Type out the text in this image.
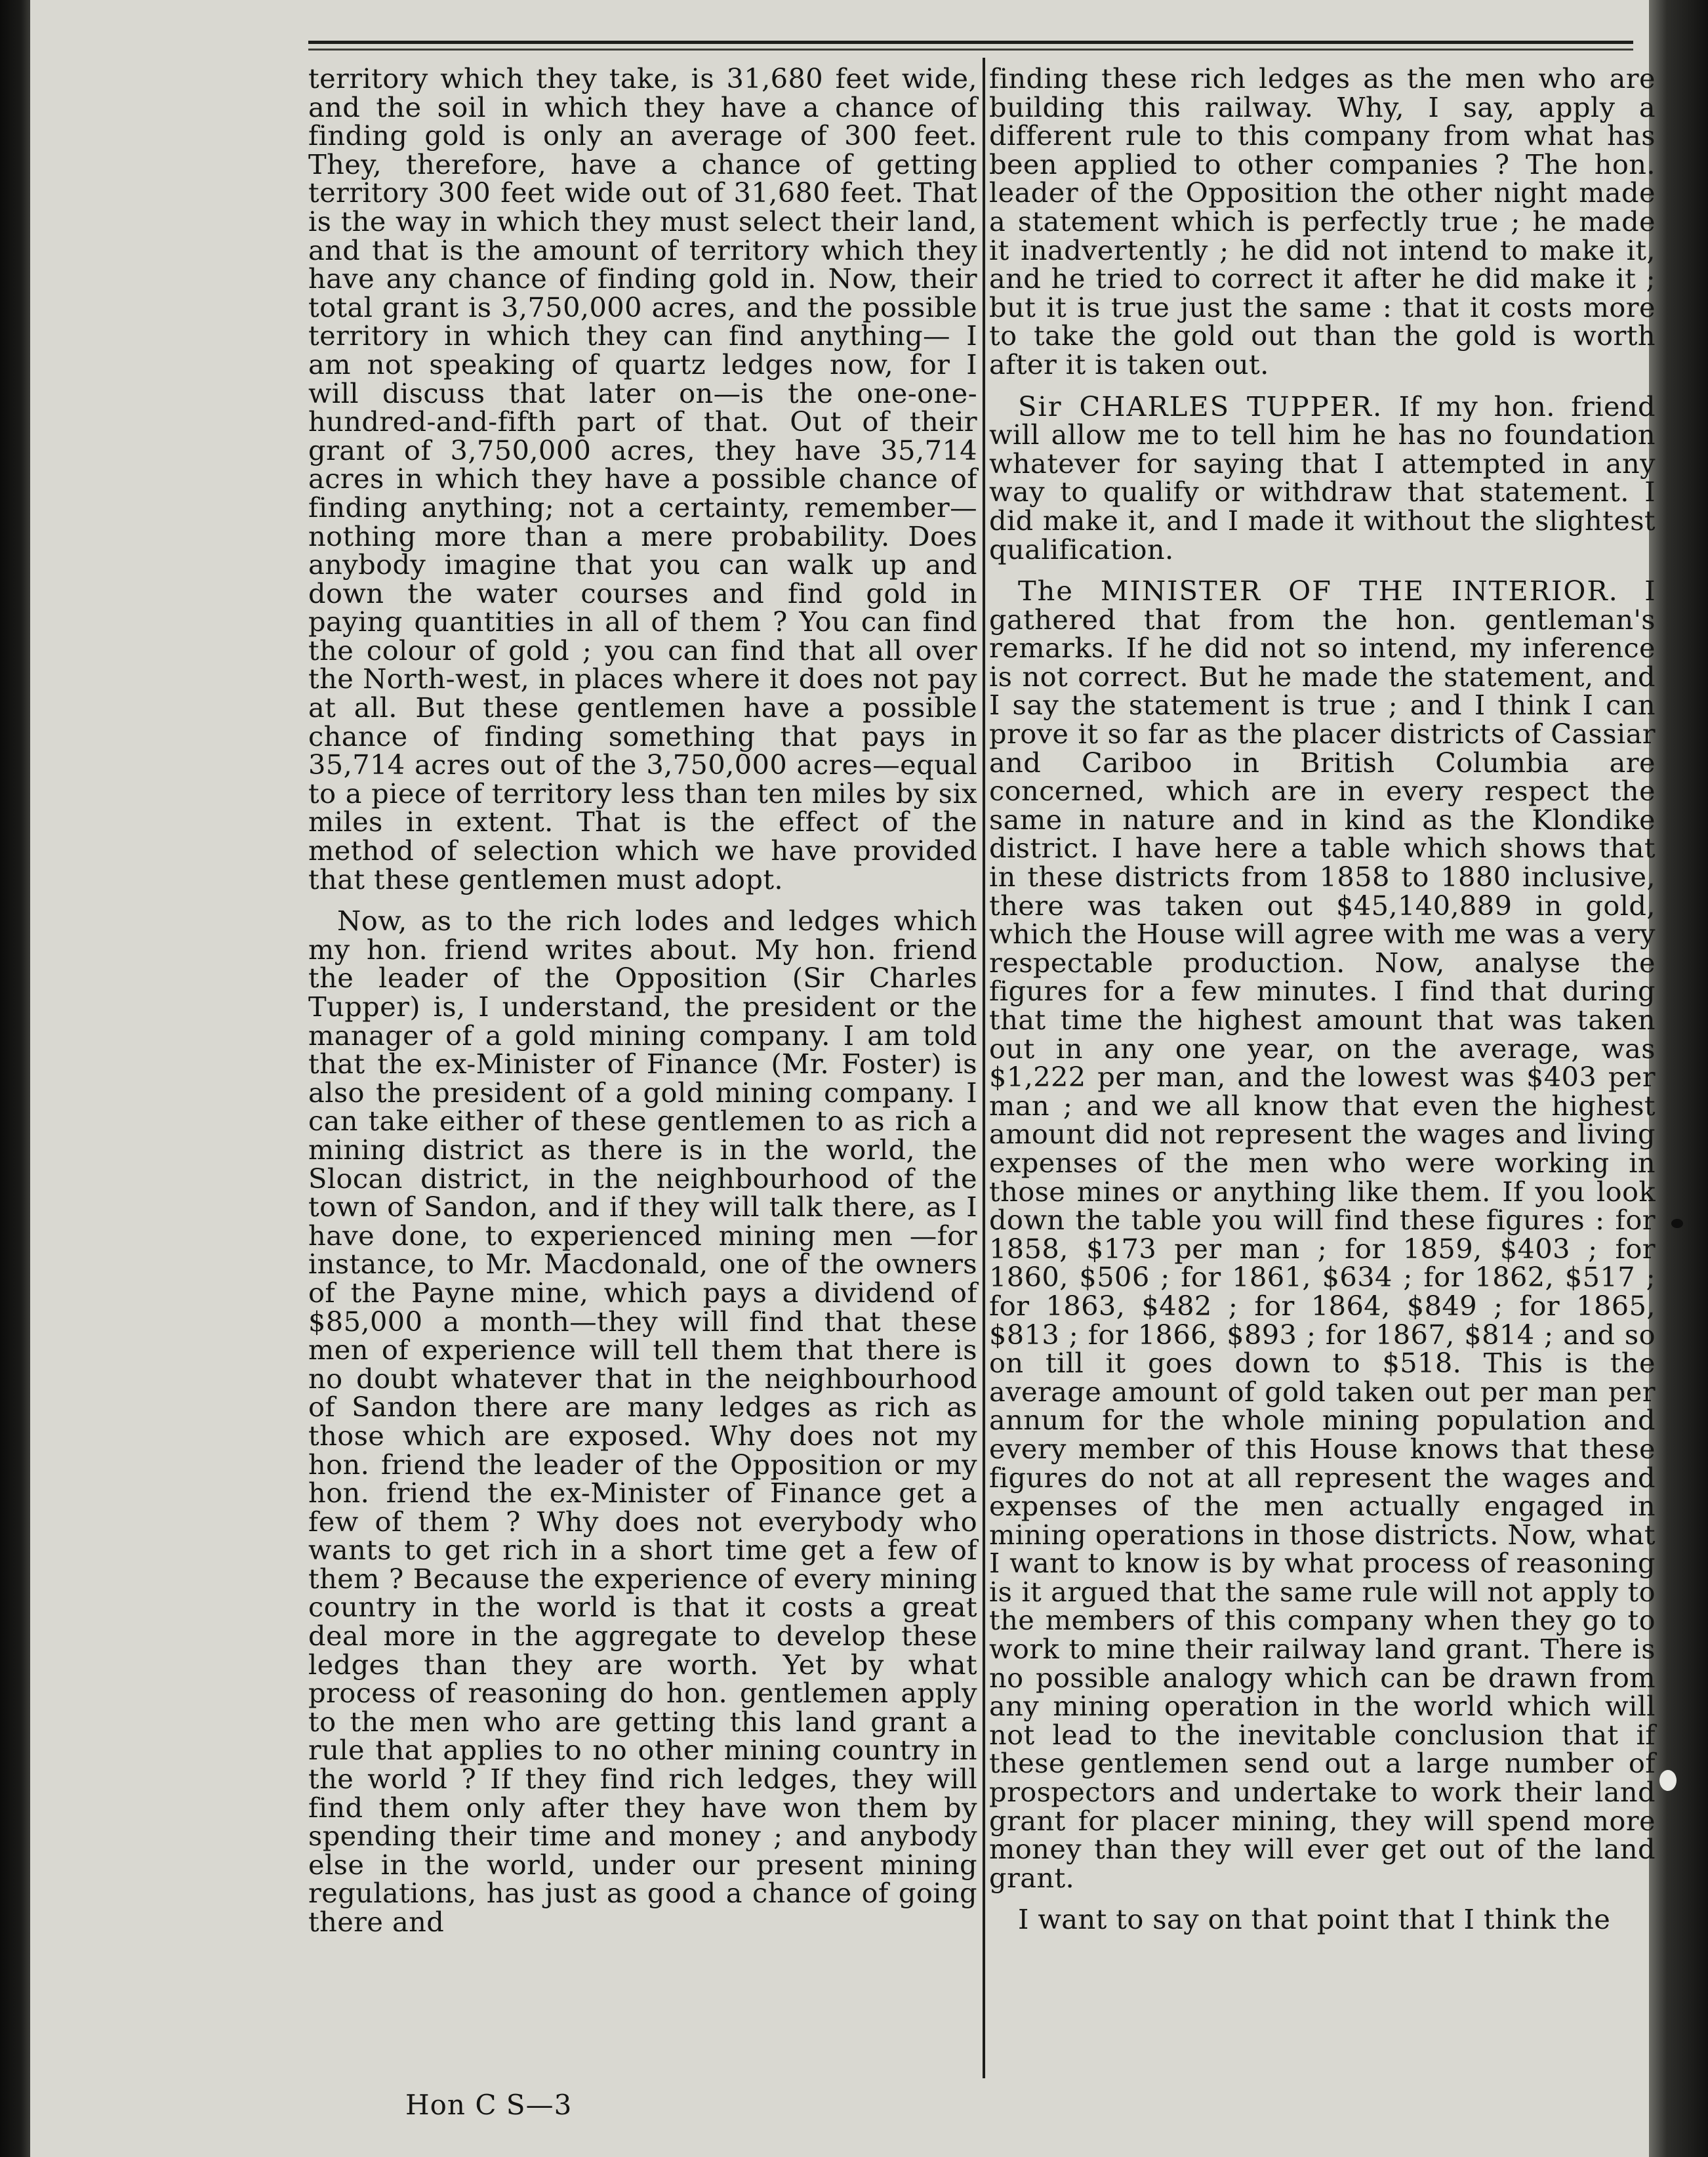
territory which they take, is 31,680 feet wide, and the soil in which they have a chance of finding gold is only an average of 300 feet. They, therefore, have a chance of getting territory 300 feet wide out of 31,680 feet. That is the way in which they must select their land, and that is the amount of territory which they have any chance of finding gold in. Now, their total grant is 3,750,000 acres, and the possible territory in which they can find anything— I am not speaking of quartz ledges now, for I will discuss that later on—is the one-one-hundred-and-fifth part of that. Out of their grant of 3,750,000 acres, they have 35,714 acres in which they have a possible chance of finding anything; not a certainty, remember—nothing more than a mere probability. Does anybody imagine that you can walk up and down the water courses and find gold in paying quantities in all of them ? You can find the colour of gold ; you can find that all over the North-west, in places where it does not pay at all. But these gentlemen have a possible chance of finding something that pays in 35,714 acres out of the 3,750,000 acres—equal to a piece of territory less than ten miles by six miles in extent. That is the effect of the method of selection which we have provided that these gentlemen must adopt.

Now, as to the rich lodes and ledges which my hon. friend writes about. My hon. friend the leader of the Opposition (Sir Charles Tupper) is, I understand, the president or the manager of a gold mining company. I am told that the ex-Minister of Finance (Mr. Foster) is also the president of a gold mining company. I can take either of these gentlemen to as rich a mining district as there is in the world, the Slocan district, in the neighbourhood of the town of Sandon, and if they will talk there, as I have done, to experienced mining men —for instance, to Mr. Macdonald, one of the owners of the Payne mine, which pays a dividend of $85,000 a month—they will find that these men of experience will tell them that there is no doubt whatever that in the neighbourhood of Sandon there are many ledges as rich as those which are exposed. Why does not my hon. friend the leader of the Opposition or my hon. friend the ex-Minister of Finance get a few of them ? Why does not everybody who wants to get rich in a short time get a few of them ? Because the experience of every mining country in the world is that it costs a great deal more in the aggregate to develop these ledges than they are worth. Yet by what process of reasoning do hon. gentlemen apply to the men who are getting this land grant a rule that applies to no other mining country in the world ? If they find rich ledges, they will find them only after they have won them by spending their time and money ; and anybody else in the world, under our present mining regulations, has just as good a chance of going there and

finding these rich ledges as the men who are building this railway. Why, I say, apply a different rule to this company from what has been applied to other companies ? The hon. leader of the Opposition the other night made a statement which is perfectly true ; he made it inadvertently ; he did not intend to make it, and he tried to correct it after he did make it ; but it is true just the same : that it costs more to take the gold out than the gold is worth after it is taken out.

Sir CHARLES TUPPER. If my hon. friend will allow me to tell him he has no foundation whatever for saying that I attempted in any way to qualify or withdraw that statement. I did make it, and I made it without the slightest qualification.

The MINISTER OF THE INTERIOR. I gathered that from the hon. gentleman's remarks. If he did not so intend, my inference is not correct. But he made the statement, and I say the statement is true ; and I think I can prove it so far as the placer districts of Cassiar and Cariboo in British Columbia are concerned, which are in every respect the same in nature and in kind as the Klondike district. I have here a table which shows that in these districts from 1858 to 1880 inclusive, there was taken out $45,140,889 in gold, which the House will agree with me was a very respectable production. Now, analyse the figures for a few minutes. I find that during that time the highest amount that was taken out in any one year, on the average, was $1,222 per man, and the lowest was $403 per man ; and we all know that even the highest amount did not represent the wages and living expenses of the men who were working in those mines or anything like them. If you look down the table you will find these figures : for 1858, $173 per man ; for 1859, $403 ; for 1860, $506 ; for 1861, $634 ; for 1862, $517 ; for 1863, $482 ; for 1864, $849 ; for 1865, $813 ; for 1866, $893 ; for 1867, $814 ; and so on till it goes down to $518. This is the average amount of gold taken out per man per annum for the whole mining population and every member of this House knows that these figures do not at all represent the wages and expenses of the men actually engaged in mining operations in those districts. Now, what I want to know is by what process of reasoning is it argued that the same rule will not apply to the members of this company when they go to work to mine their railway land grant. There is no possible analogy which can be drawn from any mining operation in the world which will not lead to the inevitable conclusion that if these gentlemen send out a large number of prospectors and undertake to work their land grant for placer mining, they will spend more money than they will ever get out of the land grant.

I want to say on that point that I think the

Hon C S—3
